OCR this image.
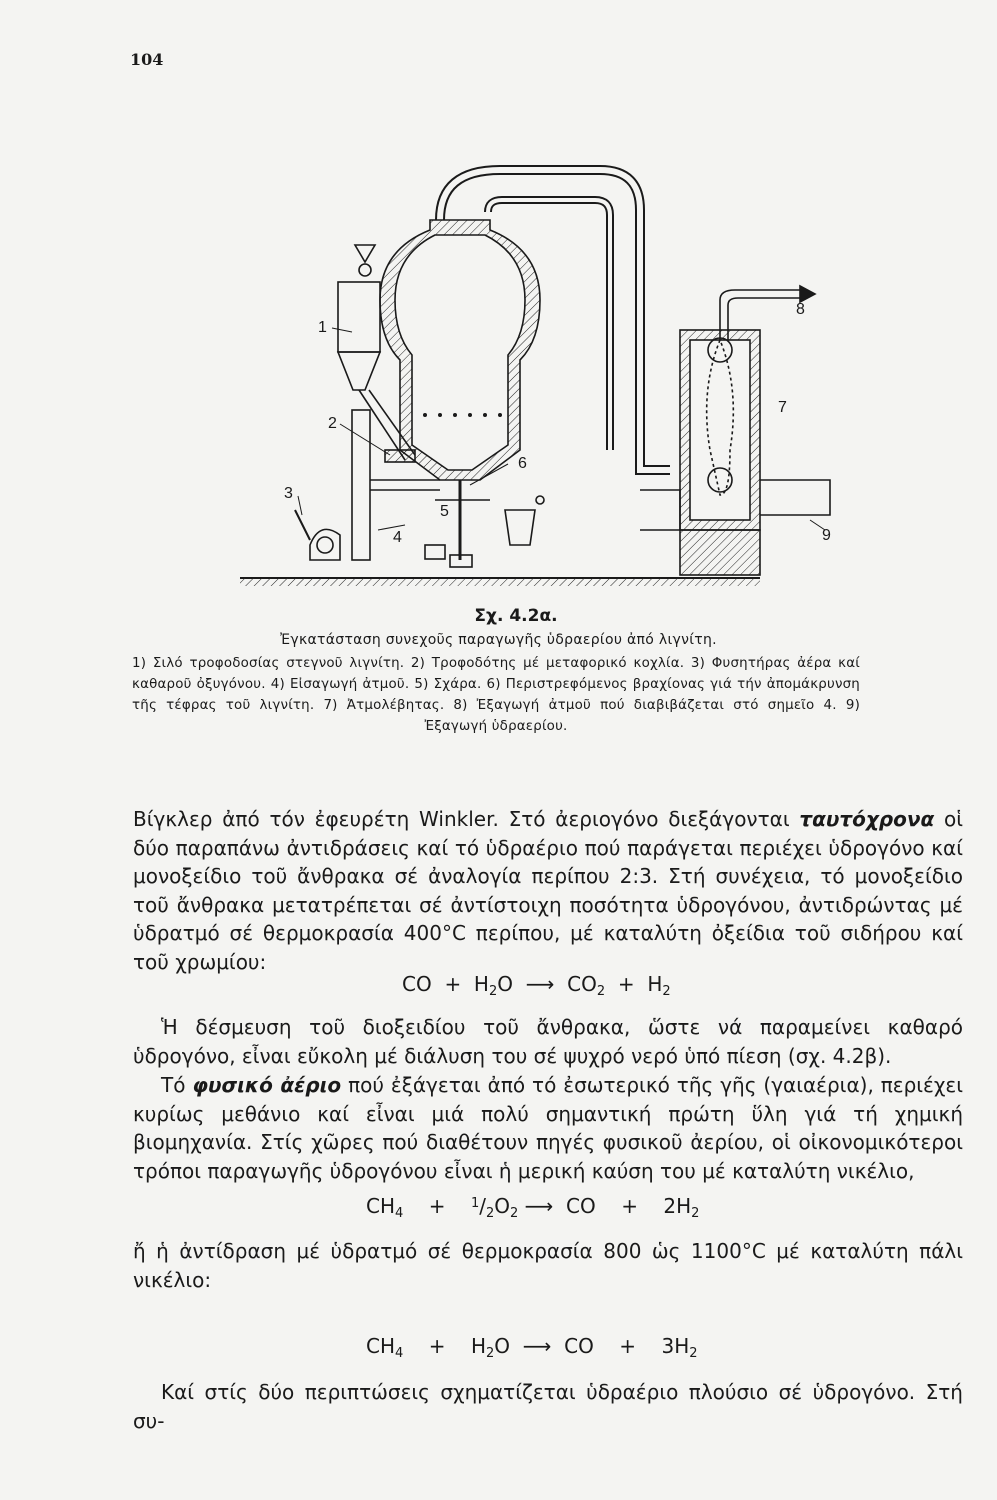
104
1
2
3
4
5
6
7
8
9
Σχ. 4.2α.
Ἐγκατάσταση συνεχοῦς παραγωγῆς ὑδραερίου ἀπό λιγνίτη.
1) Σιλό τροφοδοσίας στεγνοῦ λιγνίτη. 2) Τροφοδότης μέ μεταφορικό κοχλία. 3) Φυσητήρας ἀέρα καί καθαροῦ ὀξυγόνου. 4) Εἰσαγωγή ἀτμοῦ. 5) Σχάρα. 6) Περιστρεφόμενος βραχίονας γιά τήν ἀπομάκρυνση τῆς τέφρας τοῦ λιγνίτη. 7) Ἀτμολέβητας. 8) Ἐξαγωγή ἀτμοῦ πού διαβιβάζεται στό σημεῖο 4. 9) Ἐξαγωγή ὑδραερίου.
Βίγκλερ ἀπό τόν ἐφευρέτη Winkler. Στό ἀεριογόνο διεξάγονται ταυτόχρονα οἱ δύο παραπάνω ἀντιδράσεις καί τό ὑδραέριο πού παράγεται περιέχει ὑδρογόνο καί μονοξείδιο τοῦ ἄνθρακα σέ ἀναλογία περίπου 2:3. Στή συνέχεια, τό μονοξείδιο τοῦ ἄνθρακα μετατρέπεται σέ ἀντίστοιχη ποσότητα ὑδρογόνου, ἀντιδρώντας μέ ὑδρατμό σέ θερμοκρασία 400°C περίπου, μέ καταλύτη ὀξείδια τοῦ σιδήρου καί τοῦ χρωμίου:
CO + $H_2O$ ⟶ $CO_2 + H_2$
Ἡ δέσμευση τοῦ διοξειδίου τοῦ ἄνθρακα, ὥστε νά παραμείνει καθαρό ὑδρογόνο, εἶναι εὔκολη μέ διάλυση του σέ ψυχρό νερό ὑπό πίεση (σχ. 4.2β).
Τό φυσικό ἀέριο πού ἐξάγεται ἀπό τό ἐσωτερικό τῆς γῆς (γαιαέρια), περιέχει κυρίως μεθάνιο καί εἶναι μιά πολύ σημαντική πρώτη ὕλη γιά τή χημική βιομηχανία. Στίς χῶρες πού διαθέτουν πηγές φυσικοῦ ἀερίου, οἱ οἰκονομικότεροι τρόποι παραγωγῆς ὑδρογόνου εἶναι ἡ μερική καύση του μέ καταλύτη νικέλιο,
$CH_4 + ^1/_2O_2$ ⟶ CO + $2H_2$
ἤ ἡ ἀντίδραση μέ ὑδρατμό σέ θερμοκρασία 800 ὡς 1100°C μέ καταλύτη πάλι νικέλιο:
$CH_4 + H_2O$ ⟶ CO + $3H_2$
Καί στίς δύο περιπτώσεις σχηματίζεται ὑδραέριο πλούσιο σέ ὑδρογόνο. Στή συ-
